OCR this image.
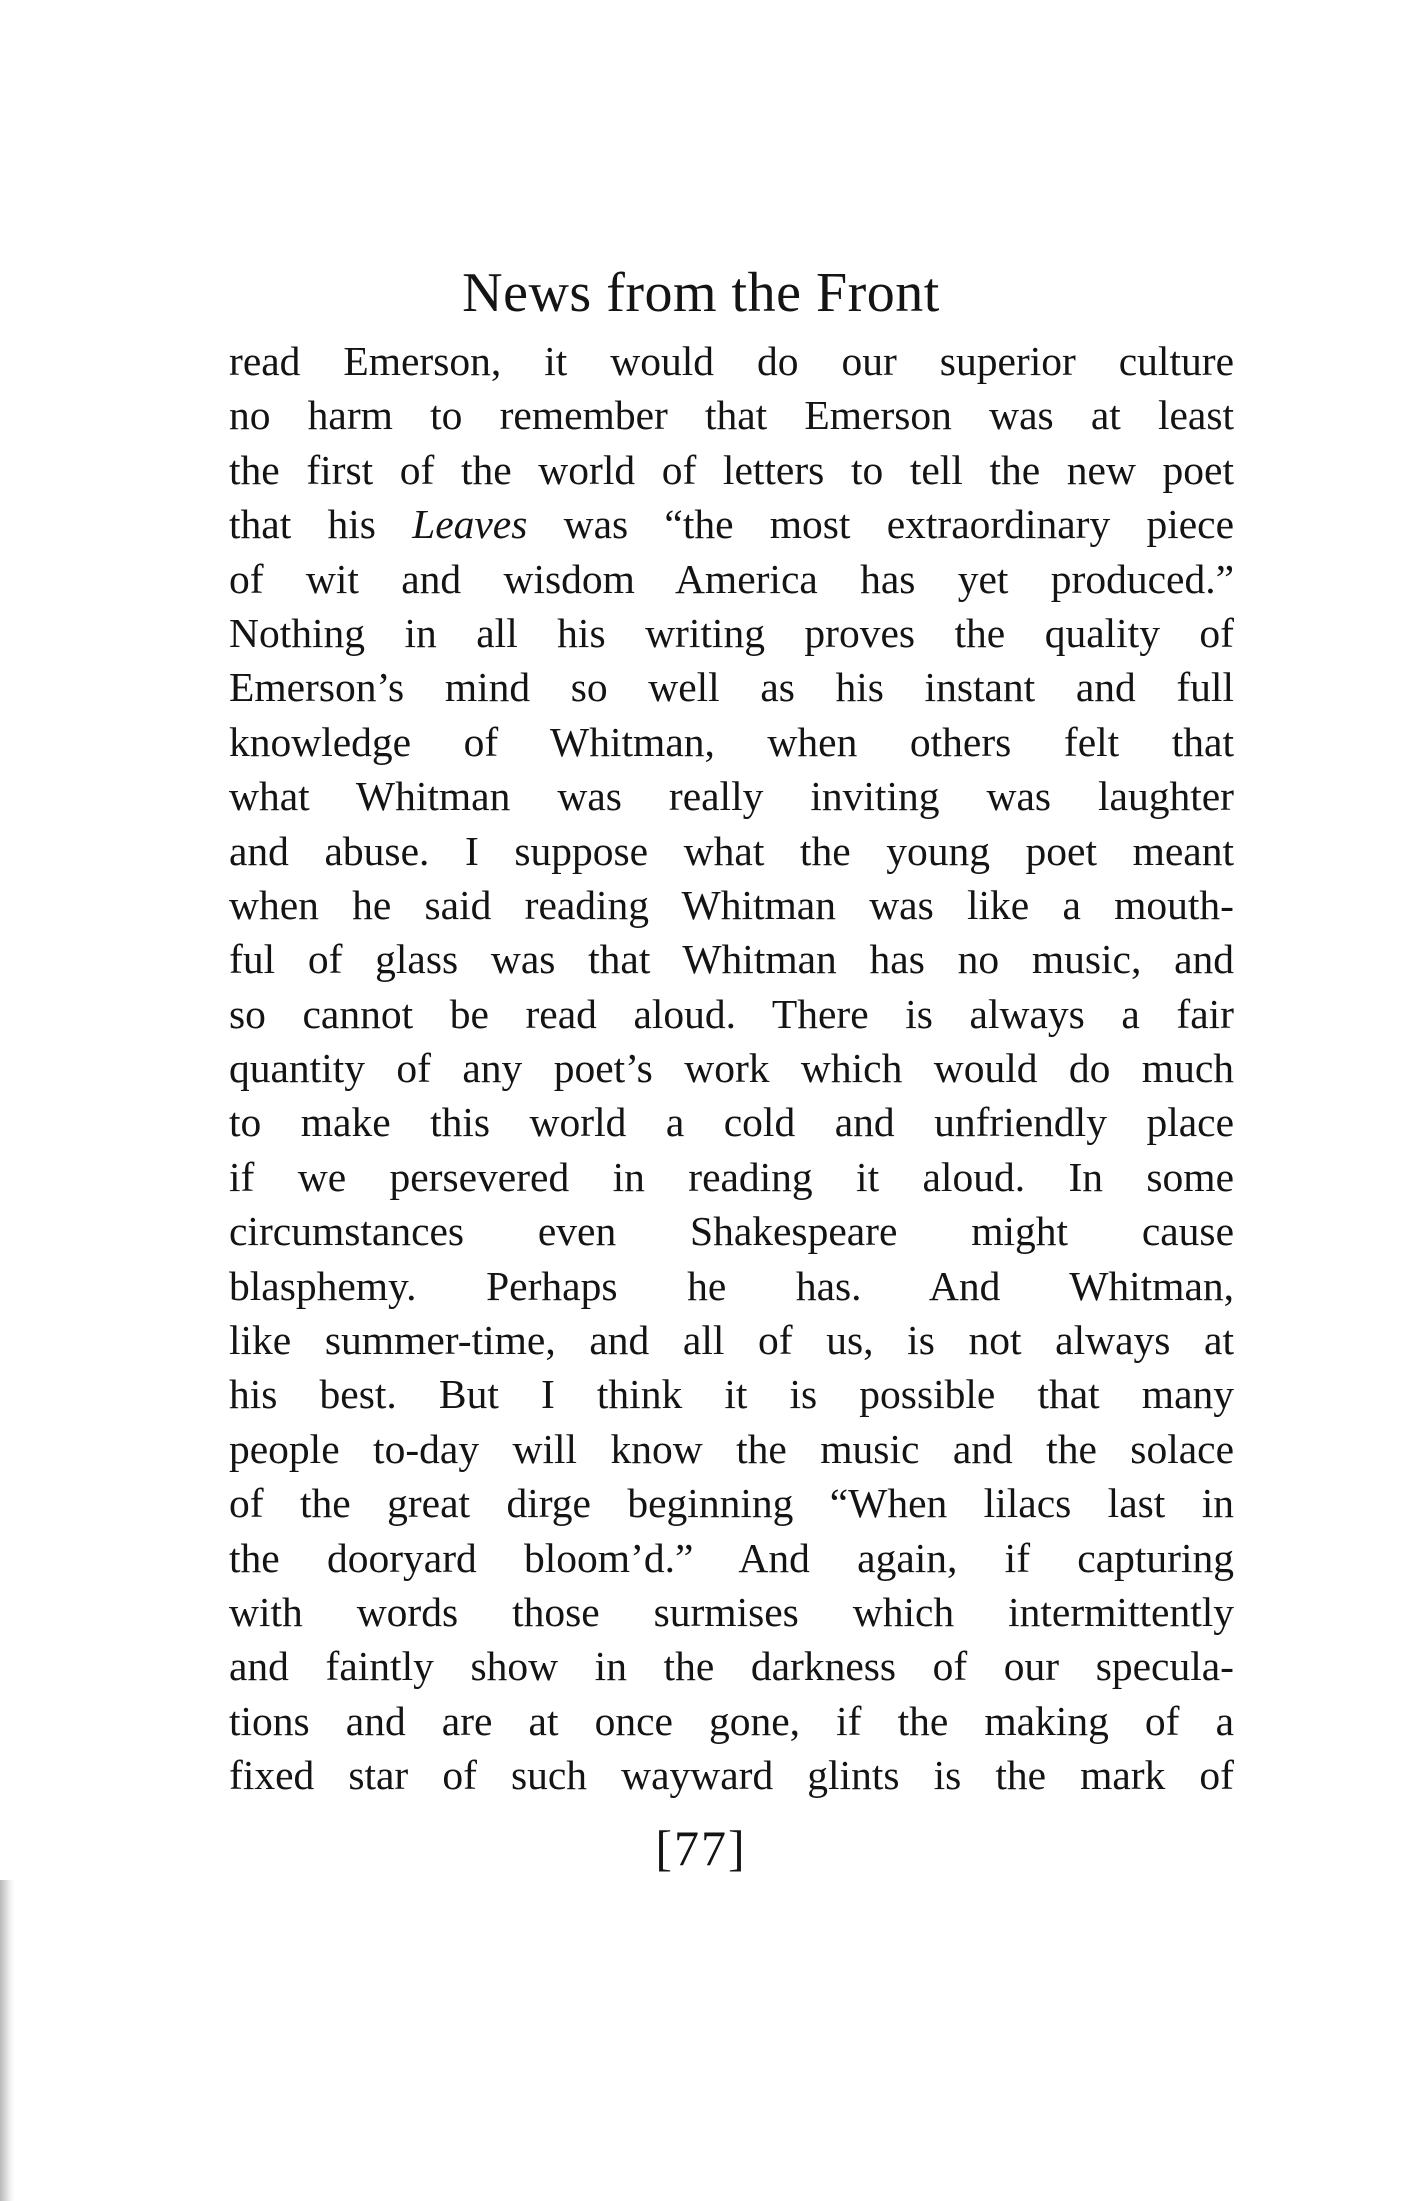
News from the Front
read Emerson, it would do our superior culture
no harm to remember that Emerson was at least
the first of the world of letters to tell the new poet
that his Leaves was “the most extraordinary piece
of wit and wisdom America has yet produced.”
Nothing in all his writing proves the quality of
Emerson’s mind so well as his instant and full
knowledge of Whitman, when others felt that
what Whitman was really inviting was laughter
and abuse. I suppose what the young poet meant
when he said reading Whitman was like a mouth-
ful of glass was that Whitman has no music, and
so cannot be read aloud. There is always a fair
quantity of any poet’s work which would do much
to make this world a cold and unfriendly place
if we persevered in reading it aloud. In some
circumstances even Shakespeare might cause
blasphemy. Perhaps he has. And Whitman,
like summer-time, and all of us, is not always at
his best. But I think it is possible that many
people to-day will know the music and the solace
of the great dirge beginning “When lilacs last in
the dooryard bloom’d.” And again, if capturing
with words those surmises which intermittently
and faintly show in the darkness of our specula-
tions and are at once gone, if the making of a
fixed star of such wayward glints is the mark of
[77]
